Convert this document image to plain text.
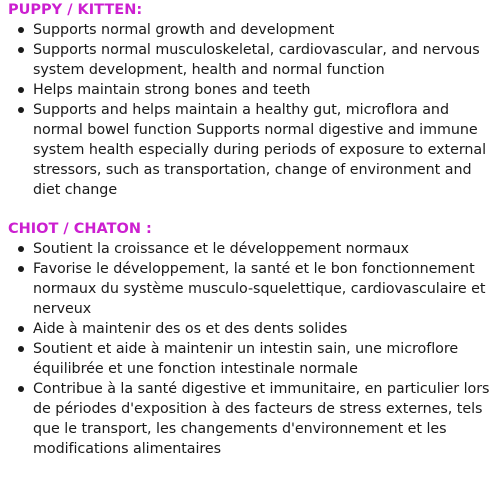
PUPPY / KITTEN:
Supports normal growth and development
Supports normal musculoskeletal, cardiovascular, and nervous system development, health and normal function
Helps maintain strong bones and teeth
Supports and helps maintain a healthy gut, microflora and normal bowel function Supports normal digestive and immune system health especially during periods of exposure to external stressors, such as transportation, change of environment and diet change
CHIOT / CHATON :
Soutient la croissance et le développement normaux
Favorise le développement, la santé et le bon fonctionnement normaux du système musculo-squelettique, cardiovasculaire et nerveux
Aide à maintenir des os et des dents solides
Soutient et aide à maintenir un intestin sain, une microflore équilibrée et une fonction intestinale normale
Contribue à la santé digestive et immunitaire, en particulier lors de périodes d'exposition à des facteurs de stress externes, tels que le transport, les changements d'environnement et les modifications alimentaires
